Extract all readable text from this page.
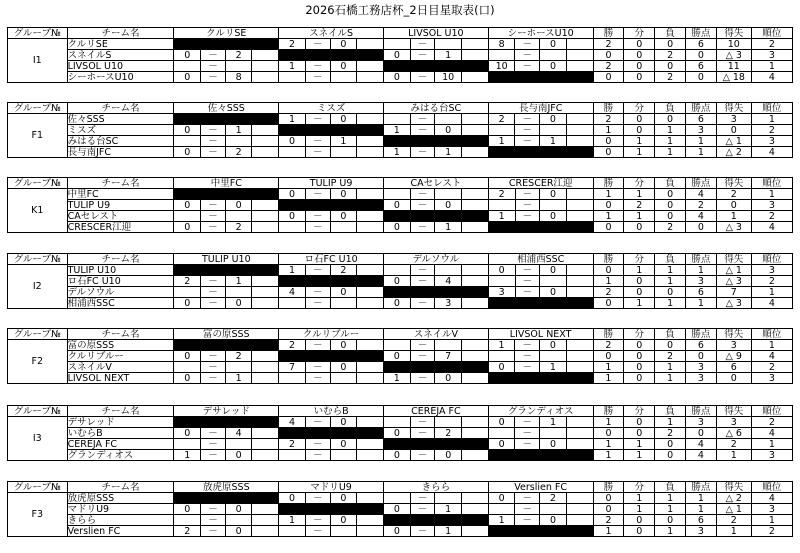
2026石橋工務店杯_2日目星取表(口)
グループ№	チーム名	クルリSE				スネイルS				LIVSOL U10				シーホースU10				勝	分	負	勝点	得失	順位
I1	クルリSE					2	－	0			－			8	－	0		2	0	0	6	10	2
	スネイルS	0	－	2						0	－	1			－			0	0	2	0	△ 3	3
	LIVSOL U10		－			1	－	0						10	－	0		2	0	0	6	11	1
	シーホースU10	0	－	8			－			0	－	10						0	0	2	0	△ 18	4
グループ№	チーム名	佐々SSS				ミスズ				みはる台SC				長与南JFC				勝	分	負	勝点	得失	順位
F1	佐々SSS					1	－	0			－			2	－	0		2	0	0	6	3	1
	ミスズ	0	－	1						1	－	0			－			1	0	1	3	0	2
	みはる台SC		－			0	－	1						1	－	1		0	1	1	1	△ 1	3
	長与南JFC	0	－	2			－			1	－	1						0	1	1	1	△ 2	4
グループ№	チーム名	中里FC				TULIP U9				CAセレスト				CRESCER江迎				勝	分	負	勝点	得失	順位
K1	中里FC					0	－	0			－			2	－	0		1	1	0	4	2	1
	TULIP U9	0	－	0						0	－	0			－			0	2	0	2	0	3
	CAセレスト		－			0	－	0						1	－	0		1	1	0	4	1	2
	CRESCER江迎	0	－	2			－			0	－	1						0	0	2	0	△ 3	4
グループ№	チーム名	TULIP U10				ロ石FC U10				デルソウル				相浦西SSC				勝	分	負	勝点	得失	順位
I2	TULIP U10					1	－	2			－			0	－	0		0	1	1	1	△ 1	3
	ロ石FC U10	2	－	1						0	－	4			－			1	0	1	3	△ 3	2
	デルソウル		－			4	－	0						3	－	0		2	0	0	6	7	1
	相浦西SSC	0	－	0			－			0	－	3						0	1	1	1	△ 3	4
グループ№	チーム名	富の原SSS				クルリブルー				スネイルV				LIVSOL NEXT				勝	分	負	勝点	得失	順位
F2	富の原SSS					2	－	0			－			1	－	0		2	0	0	6	3	1
	クルリブルー	0	－	2						0	－	7			－			0	0	2	0	△ 9	4
	スネイルV		－			7	－	0						0	－	1		1	0	1	3	6	2
	LIVSOL NEXT	0	－	1			－			1	－	0						1	0	1	3	0	3
グループ№	チーム名	デサレッド				いむらB				CEREJA FC				グランディオス				勝	分	負	勝点	得失	順位
I3	デサレッド					4	－	0			－			0	－	1		1	0	1	3	3	2
	いむらB	0	－	4						0	－	2			－			0	0	2	0	△ 6	4
	CEREJA FC		－			2	－	0						0	－	0		1	1	0	4	2	1
	グランディオス	1	－	0			－			0	－	0						1	1	0	4	1	3
グループ№	チーム名	放虎原SSS				マドリU9				きらら				Verslien FC				勝	分	負	勝点	得失	順位
F3	放虎原SSS					0	－	0			－			0	－	2		0	1	1	1	△ 2	4
	マドリU9	0	－	0						0	－	1			－			0	1	1	1	△ 1	3
	きらら		－			1	－	0						1	－	0		2	0	0	6	2	1
	Verslien FC	2	－	0			－			0	－	1						1	0	1	3	1	2
